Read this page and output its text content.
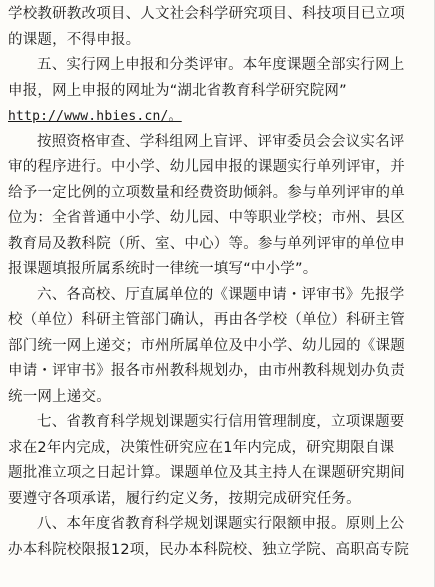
学校教研教改项目、人文社会科学研究项目、科技项目已立项
的课题，不得申报。
五、实行网上申报和分类评审。本年度课题全部实行网上
申报，网上申报的网址为“湖北省教育科学研究院网”
http://www.hbies.cn/。
按照资格审查、学科组网上盲评、评审委员会会议实名评
审的程序进行。中小学、幼儿园申报的课题实行单列评审，并
给予一定比例的立项数量和经费资助倾斜。参与单列评审的单
位为：全省普通中小学、幼儿园、中等职业学校；市州、县区
教育局及教科院（所、室、中心）等。参与单列评审的单位申
报课题填报所属系统时一律统一填写“中小学”。
六、各高校、厅直属单位的《课题申请・评审书》先报学
校（单位）科研主管部门确认，再由各学校（单位）科研主管
部门统一网上递交；市州所属单位及中小学、幼儿园的《课题
申请・评审书》报各市州教科规划办，由市州教科规划办负责
统一网上递交。
七、省教育科学规划课题实行信用管理制度，立项课题要
求在2年内完成，决策性研究应在1年内完成，研究期限自课
题批准立项之日起计算。课题单位及其主持人在课题研究期间
要遵守各项承诺，履行约定义务，按期完成研究任务。
八、本年度省教育科学规划课题实行限额申报。原则上公
办本科院校限报12项，民办本科院校、独立学院、高职高专院
